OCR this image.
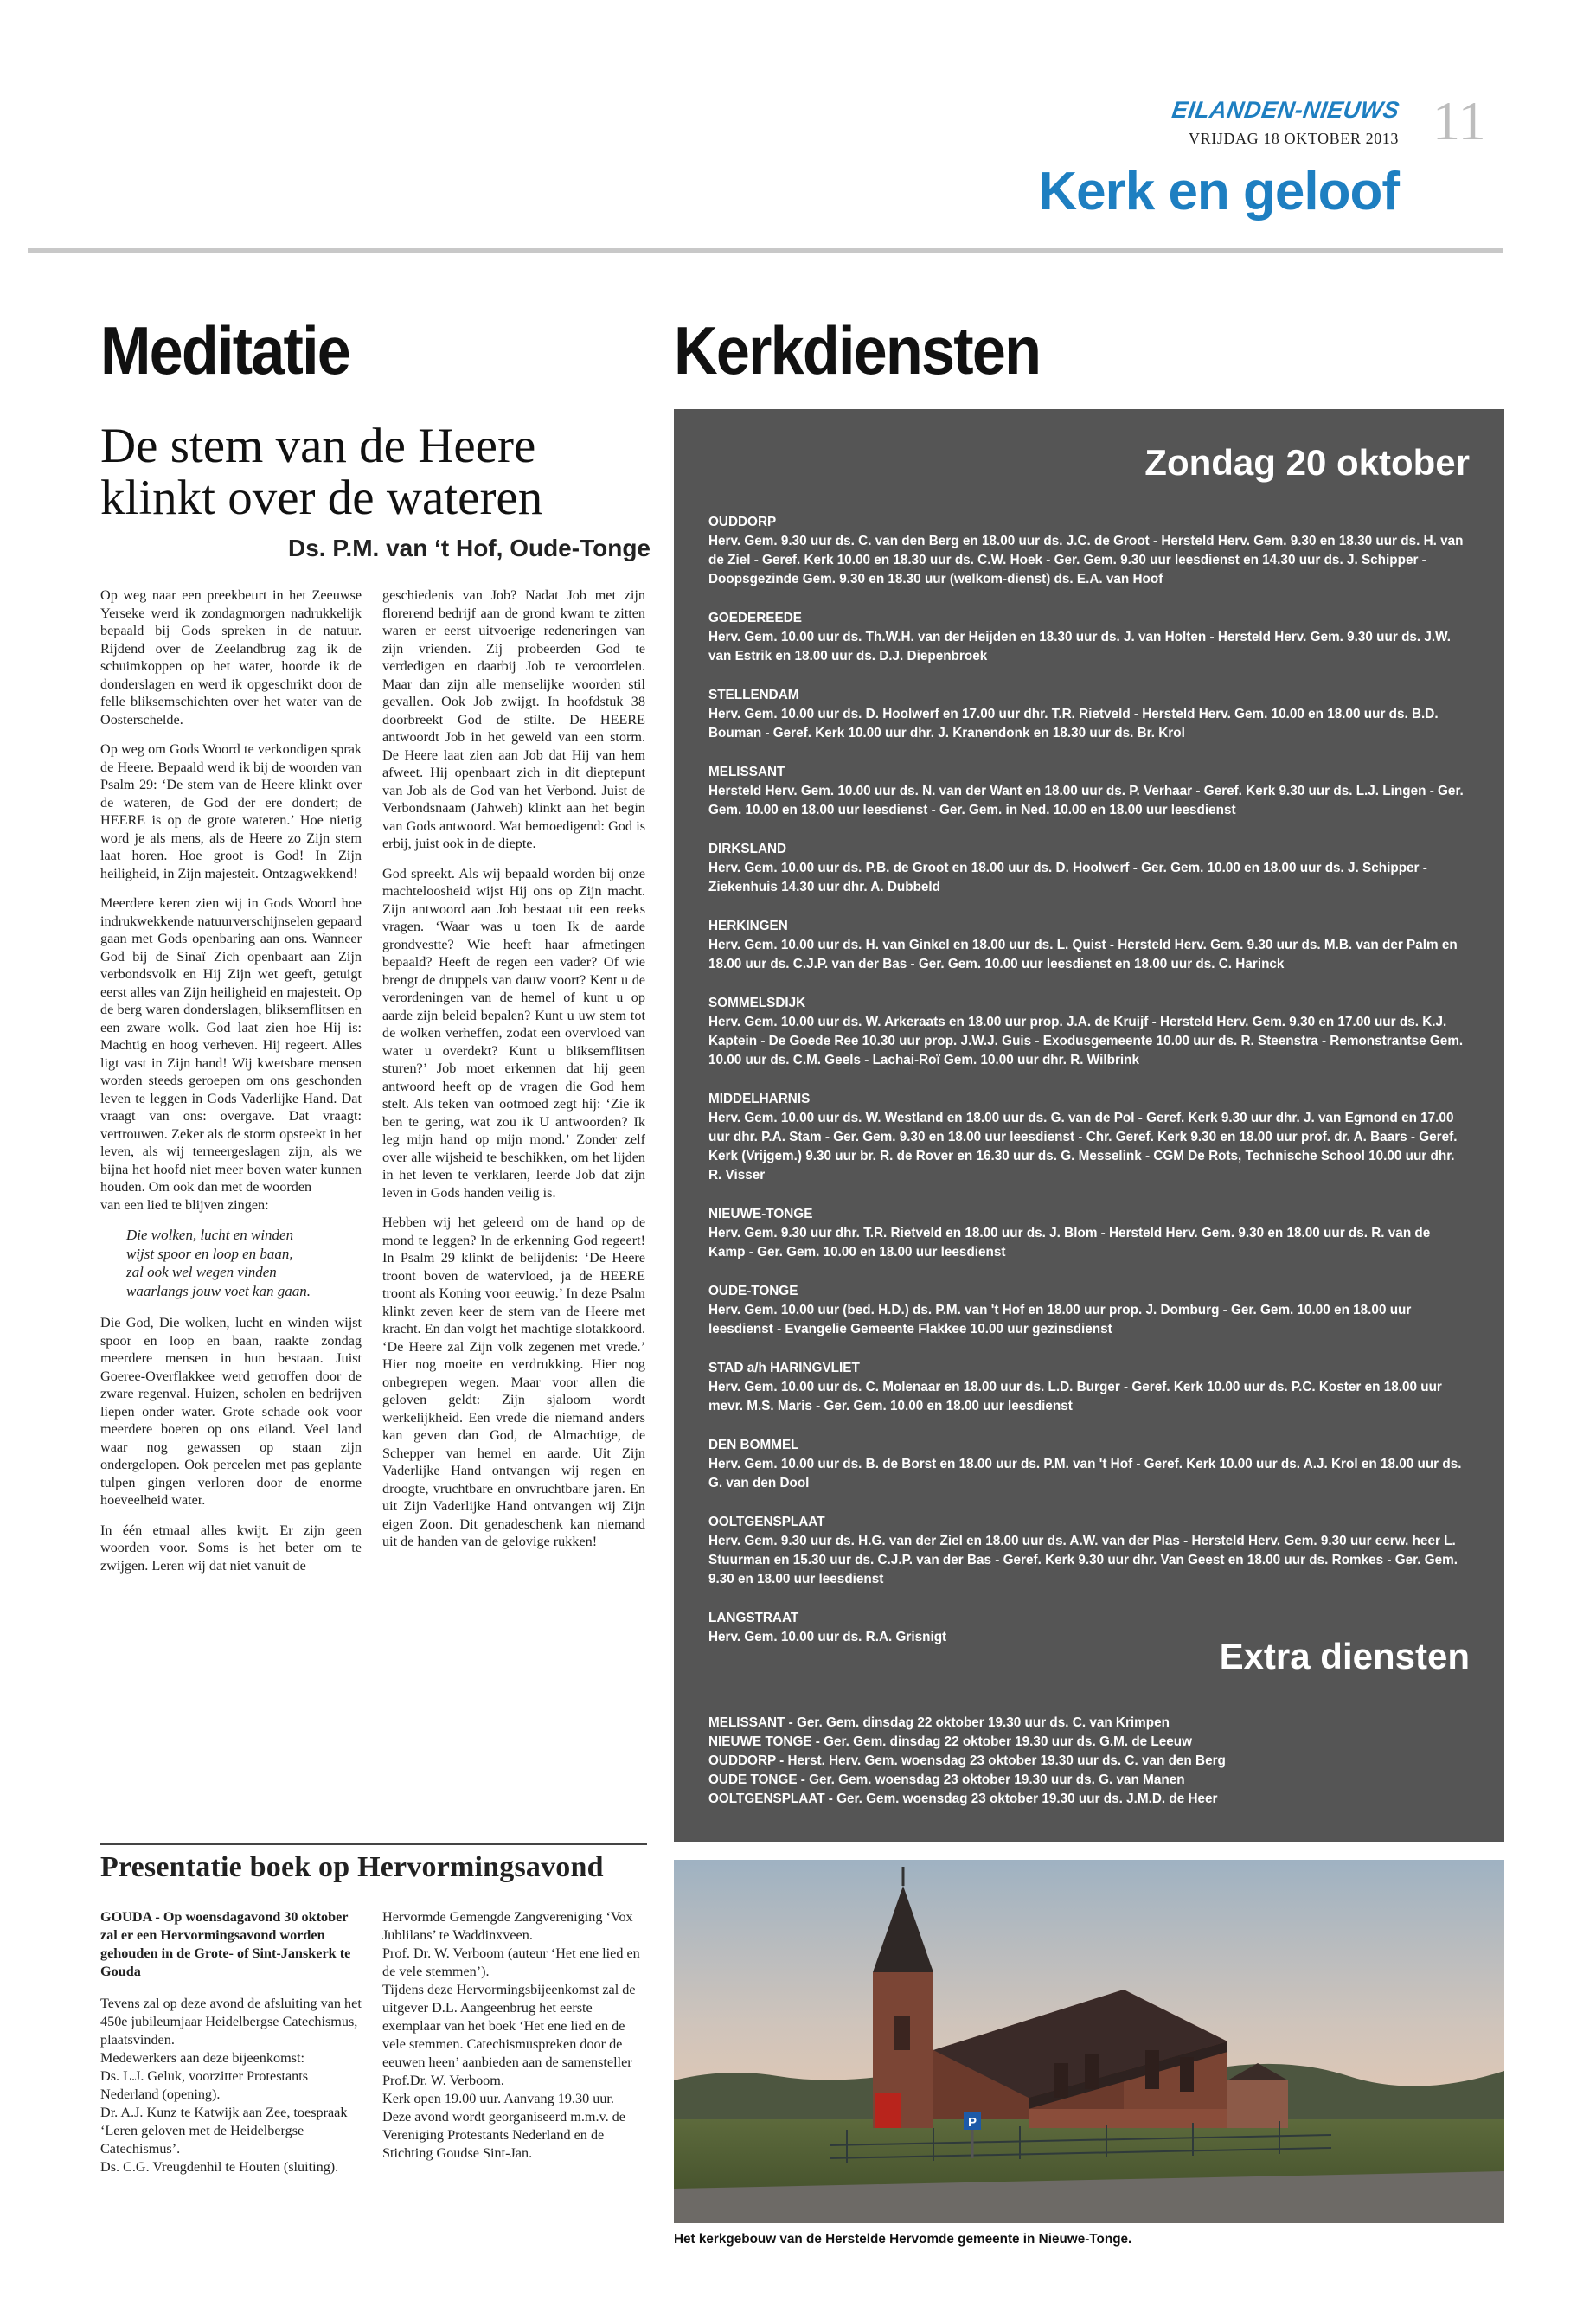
EILANDEN-NIEUWS
VRIJDAG 18 OKTOBER 2013 11
Kerk en geloof
Meditatie
De stem van de Heere klinkt over de wateren
Ds. P.M. van ‘t Hof, Oude-Tonge

Op weg naar een preekbeurt in het Zeeuwse Yerseke werd ik zondagmorgen nadrukkelijk bepaald bij Gods spreken in de natuur. Rijdend over de Zeelandbrug zag ik de schuimkoppen op het water, hoorde ik de donderslagen en werd ik opgeschrikt door de felle bliksemschichten over het water van de Oosterschelde.

Op weg om Gods Woord te verkondigen sprak de Heere. Bepaald werd ik bij de woorden van Psalm 29: ‘De stem van de Heere klinkt over de wateren, de God der ere dondert; de HEERE is op de grote wateren.’ Hoe nietig word je als mens, als de Heere zo Zijn stem laat horen. Hoe groot is God! In Zijn heiligheid, in Zijn majesteit. Ontzagwekkend!

Meerdere keren zien wij in Gods Woord hoe indrukwekkende natuurverschijnselen gepaard gaan met Gods openbaring aan ons. Wanneer God bij de Sinaï Zich openbaart aan Zijn verbondsvolk en Hij Zijn wet geeft, getuigt eerst alles van Zijn heiligheid en majesteit. Op de berg waren donderslagen, bliksemflitsen en een zware wolk. God laat zien hoe Hij is: Machtig en hoog verheven. Hij regeert. Alles ligt vast in Zijn hand! Wij kwetsbare mensen worden steeds geroepen om ons geschonden leven te leggen in Gods Vaderlijke Hand. Dat vraagt van ons: overgave. Dat vraagt: vertrouwen. Zeker als de storm opsteekt in het leven, als wij terneergeslagen zijn, als we bijna het hoofd niet meer boven water kunnen houden. Om ook dan met de woorden

van een lied te blijven zingen:

Die wolken, lucht en winden
wijst spoor en loop en baan,
zal ook wel wegen vinden
waarlangs jouw voet kan gaan.

Die God, Die wolken, lucht en winden wijst spoor en loop en baan, raakte zondag meerdere mensen in hun bestaan. Juist Goeree-Overflakkee werd getroffen door de zware regenval. Huizen, scholen en bedrijven liepen onder water. Grote schade ook voor meerdere boeren op ons eiland. Veel land waar nog gewassen op staan zijn ondergelopen. Ook percelen met pas geplante tulpen gingen verloren door de enorme hoeveelheid water.

In één etmaal alles kwijt. Er zijn geen woorden voor. Soms is het beter om te zwijgen. Leren wij dat niet vanuit de

geschiedenis van Job? Nadat Job met zijn florerend bedrijf aan de grond kwam te zitten waren er eerst uitvoerige redeneringen van zijn vrienden. Zij probeerden God te verdedigen en daarbij Job te veroordelen. Maar dan zijn alle menselijke woorden stil gevallen. Ook Job zwijgt. In hoofdstuk 38 doorbreekt God de stilte. De HEERE antwoordt Job in het geweld van een storm. De Heere laat zien aan Job dat Hij van hem afweet. Hij openbaart zich in dit dieptepunt van Job als de God van het Verbond. Juist de Verbondsnaam (Jahweh) klinkt aan het begin van Gods antwoord. Wat bemoedigend: God is erbij, juist ook in de diepte.

God spreekt. Als wij bepaald worden bij onze machteloosheid wijst Hij ons op Zijn macht. Zijn antwoord aan Job bestaat uit een reeks vragen. ‘Waar was u toen Ik de aarde grondvestte? Wie heeft haar afmetingen bepaald? Heeft de regen een vader? Of wie brengt de druppels van dauw voort? Kent u de verordeningen van de hemel of kunt u op aarde zijn beleid bepalen? Kunt u uw stem tot de wolken verheffen, zodat een overvloed van water u overdekt? Kunt u bliksemflitsen sturen?’ Job moet erkennen dat hij geen antwoord heeft op de vragen die God hem stelt. Als teken van ootmoed zegt hij: ‘Zie ik ben te gering, wat zou ik U antwoorden? Ik leg mijn hand op mijn mond.’ Zonder zelf over alle wijsheid te beschikken, om het lijden in het leven te verklaren, leerde Job dat zijn leven in Gods handen veilig is.

Hebben wij het geleerd om de hand op de mond te leggen? In de erkenning God regeert! In Psalm 29 klinkt de belijdenis: ‘De Heere troont boven de watervloed, ja de HEERE troont als Koning voor eeuwig.’ In deze Psalm klinkt zeven keer de stem van de Heere met kracht. En dan volgt het machtige slotakkoord. ‘De Heere zal Zijn volk zegenen met vrede.’ Hier nog moeite en verdrukking. Hier nog onbegrepen wegen. Maar voor allen die geloven geldt: Zijn sjaloom wordt werkelijkheid. Een vrede die niemand anders kan geven dan God, de Almachtige, de Schepper van hemel en aarde. Uit Zijn Vaderlijke Hand ontvangen wij regen en droogte, vruchtbare en onvruchtbare jaren. En uit Zijn Vaderlijke Hand ontvangen wij Zijn eigen Zoon. Dit genadeschenk kan niemand uit de handen van de gelovige rukken!

Kerkdiensten
Zondag 20 oktober
OUDDORP
Herv. Gem. 9.30 uur ds. C. van den Berg en 18.00 uur ds. J.C. de Groot - Hersteld Herv. Gem. 9.30 en 18.30 uur ds. H. van de Ziel - Geref. Kerk 10.00 en 18.30 uur ds. C.W. Hoek - Ger. Gem. 9.30 uur leesdienst en 14.30 uur ds. J. Schipper - Doopsgezinde Gem. 9.30 en 18.30 uur (welkom-dienst) ds. E.A. van Hoof
GOEDEREEDE
Herv. Gem. 10.00 uur ds. Th.W.H. van der Heijden en 18.30 uur ds. J. van Holten - Hersteld Herv. Gem. 9.30 uur ds. J.W. van Estrik en 18.00 uur ds. D.J. Diepenbroek
STELLENDAM
Herv. Gem. 10.00 uur ds. D. Hoolwerf en 17.00 uur dhr. T.R. Rietveld - Hersteld Herv. Gem. 10.00 en 18.00 uur ds. B.D. Bouman - Geref. Kerk 10.00 uur dhr. J. Kranendonk en 18.30 uur ds. Br. Krol
MELISSANT
Hersteld Herv. Gem. 10.00 uur ds. N. van der Want en 18.00 uur ds. P. Verhaar - Geref. Kerk 9.30 uur ds. L.J. Lingen - Ger. Gem. 10.00 en 18.00 uur leesdienst - Ger. Gem. in Ned. 10.00 en 18.00 uur leesdienst
DIRKSLAND
Herv. Gem. 10.00 uur ds. P.B. de Groot en 18.00 uur ds. D. Hoolwerf - Ger. Gem. 10.00 en 18.00 uur ds. J. Schipper - Ziekenhuis 14.30 uur dhr. A. Dubbeld
HERKINGEN
Herv. Gem. 10.00 uur ds. H. van Ginkel en 18.00 uur ds. L. Quist - Hersteld Herv. Gem. 9.30 uur ds. M.B. van der Palm en 18.00 uur ds. C.J.P. van der Bas - Ger. Gem. 10.00 uur leesdienst en 18.00 uur ds. C. Harinck
SOMMELSDIJK
Herv. Gem. 10.00 uur ds. W. Arkeraats en 18.00 uur prop. J.A. de Kruijf - Hersteld Herv. Gem. 9.30 en 17.00 uur ds. K.J. Kaptein - De Goede Ree 10.30 uur prop. J.W.J. Guis - Exodusgemeente 10.00 uur ds. R. Steenstra - Remonstrantse Gem. 10.00 uur ds. C.M. Geels - Lachai-Roï Gem. 10.00 uur dhr. R. Wilbrink
MIDDELHARNIS
Herv. Gem. 10.00 uur ds. W. Westland en 18.00 uur ds. G. van de Pol - Geref. Kerk 9.30 uur dhr. J. van Egmond en 17.00 uur dhr. P.A. Stam - Ger. Gem. 9.30 en 18.00 uur leesdienst - Chr. Geref. Kerk 9.30 en 18.00 uur prof. dr. A. Baars - Geref. Kerk (Vrijgem.) 9.30 uur br. R. de Rover en 16.30 uur ds. G. Messelink - CGM De Rots, Technische School 10.00 uur dhr. R. Visser
NIEUWE-TONGE
Herv. Gem. 9.30 uur dhr. T.R. Rietveld en 18.00 uur ds. J. Blom - Hersteld Herv. Gem. 9.30 en 18.00 uur ds. R. van de Kamp - Ger. Gem. 10.00 en 18.00 uur leesdienst
OUDE-TONGE
Herv. Gem. 10.00 uur (bed. H.D.) ds. P.M. van 't Hof en 18.00 uur prop. J. Domburg - Ger. Gem. 10.00 en 18.00 uur leesdienst - Evangelie Gemeente Flakkee 10.00 uur gezinsdienst
STAD a/h HARINGVLIET
Herv. Gem. 10.00 uur ds. C. Molenaar en 18.00 uur ds. L.D. Burger - Geref. Kerk 10.00 uur ds. P.C. Koster en 18.00 uur mevr. M.S. Maris - Ger. Gem. 10.00 en 18.00 uur leesdienst
DEN BOMMEL
Herv. Gem. 10.00 uur ds. B. de Borst en 18.00 uur ds. P.M. van 't Hof - Geref. Kerk 10.00 uur ds. A.J. Krol en 18.00 uur ds. G. van den Dool
OOLTGENSPLAAT
Herv. Gem. 9.30 uur ds. H.G. van der Ziel en 18.00 uur ds. A.W. van der Plas - Hersteld Herv. Gem. 9.30 uur eerw. heer L. Stuurman en 15.30 uur ds. C.J.P. van der Bas - Geref. Kerk 9.30 uur dhr. Van Geest en 18.00 uur ds. Romkes - Ger. Gem. 9.30 en 18.00 uur leesdienst
LANGSTRAAT
Herv. Gem. 10.00 uur ds. R.A. Grisnigt	Extra diensten
MELISSANT - Ger. Gem. dinsdag 22 oktober 19.30 uur ds. C. van Krimpen
NIEUWE TONGE - Ger. Gem. dinsdag 22 oktober 19.30 uur ds. G.M. de Leeuw
OUDDORP - Herst. Herv. Gem. woensdag 23 oktober 19.30 uur ds. C. van den Berg
OUDE TONGE - Ger. Gem. woensdag 23 oktober 19.30 uur ds. G. van Manen
OOLTGENSPLAAT - Ger. Gem. woensdag 23 oktober 19.30 uur ds. J.M.D. de Heer
Presentatie boek op Hervormingsavond

GOUDA - Op woensdagavond 30 oktober zal er een Hervormingsavond worden gehouden in de Grote- of Sint-Janskerk te Gouda

Tevens zal op deze avond de afsluiting van het 450e jubileumjaar Heidelbergse Catechismus, plaatsvinden.
Medewerkers aan deze bijeenkomst:
Ds. L.J. Geluk, voorzitter Protestants Nederland (opening).
Dr. A.J. Kunz te Katwijk aan Zee, toespraak ‘Leren geloven met de Heidelbergse Catechismus’.
Ds. C.G. Vreugdenhil te Houten (sluiting).
Hervormde Gemengde Zangvereniging ‘Vox Jublilans’ te Waddinxveen.
Prof. Dr. W. Verboom (auteur ‘Het ene lied en de vele stemmen’).
Tijdens deze Hervormingsbijeenkomst zal de uitgever D.L. Aangeenbrug het eerste exemplaar van het boek ‘Het ene lied en de vele stemmen. Catechismuspreken door de eeuwen heen’ aanbieden aan de samensteller Prof.Dr. W. Verboom.
Kerk open 19.00 uur. Aanvang 19.30 uur.
Deze avond wordt georganiseerd m.m.v. de Vereniging Protestants Nederland en de Stichting Goudse Sint-Jan.
P
Het kerkgebouw van de Herstelde Hervomde gemeente in Nieuwe-Tonge.
